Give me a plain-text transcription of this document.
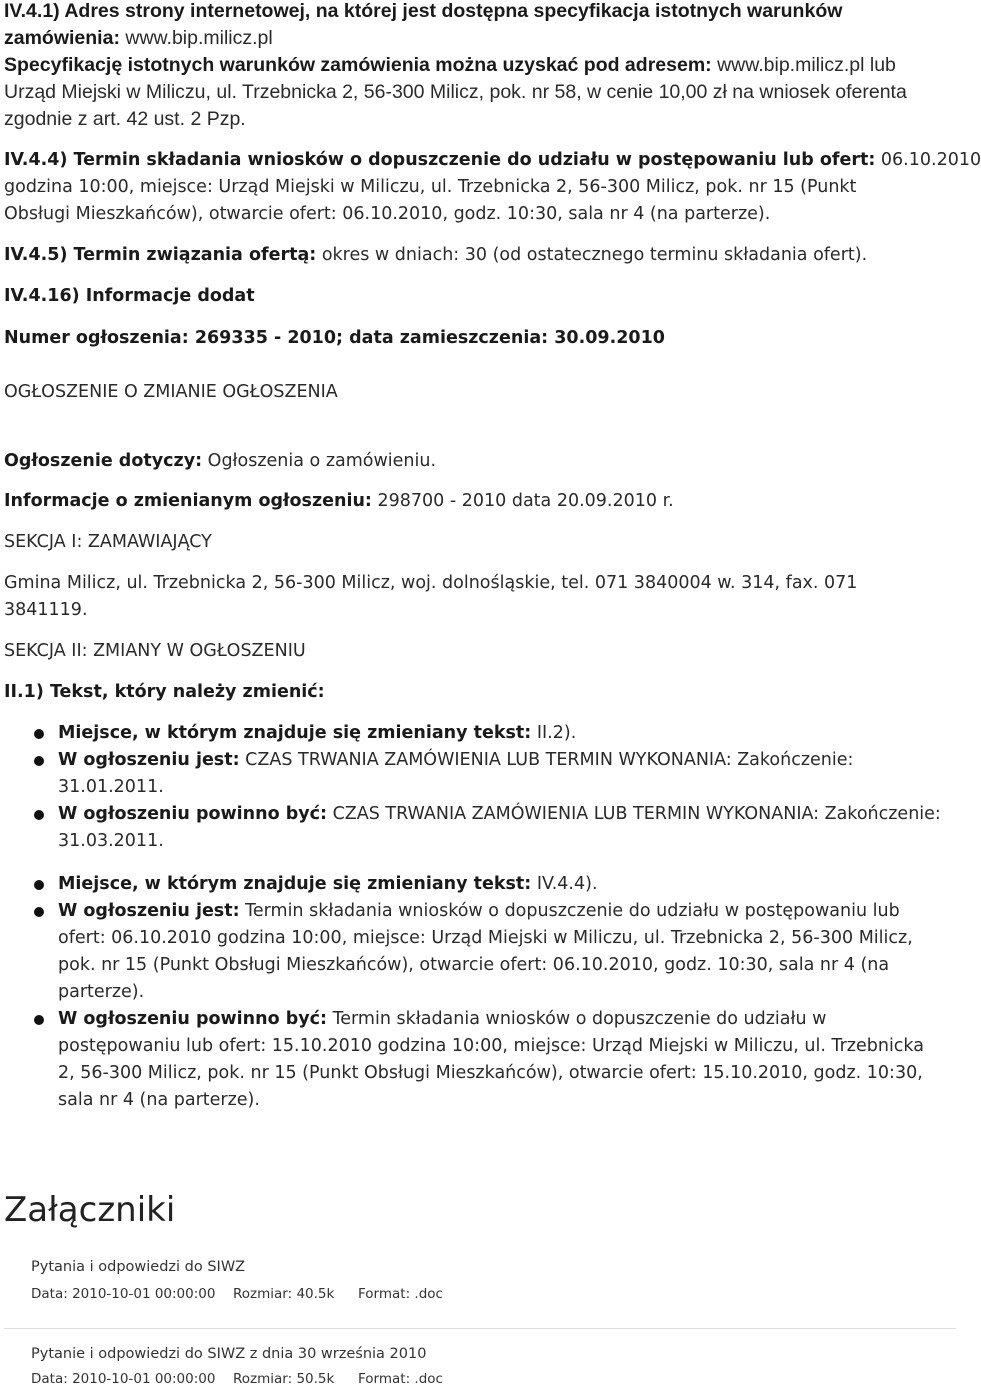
IV.4.1) Adres strony internetowej, na której jest dostępna specyfikacja istotnych warunków
zamówienia: www.bip.milicz.pl
Specyfikację istotnych warunków zamówienia można uzyskać pod adresem: www.bip.milicz.pl lub
Urząd Miejski w Miliczu, ul. Trzebnicka 2, 56-300 Milicz, pok. nr 58, w cenie 10,00 zł na wniosek oferenta
zgodnie z art. 42 ust. 2 Pzp.
IV.4.4) Termin składania wniosków o dopuszczenie do udziału w postępowaniu lub ofert: 06.10.2010
godzina 10:00, miejsce: Urząd Miejski w Miliczu, ul. Trzebnicka 2, 56-300 Milicz, pok. nr 15 (Punkt
Obsługi Mieszkańców), otwarcie ofert: 06.10.2010, godz. 10:30, sala nr 4 (na parterze).
IV.4.5) Termin związania ofertą: okres w dniach: 30 (od ostatecznego terminu składania ofert).
IV.4.16) Informacje dodat
Numer ogłoszenia: 269335 - 2010; data zamieszczenia: 30.09.2010
OGŁOSZENIE O ZMIANIE OGŁOSZENIA
Ogłoszenie dotyczy: Ogłoszenia o zamówieniu.
Informacje o zmienianym ogłoszeniu: 298700 - 2010 data 20.09.2010 r.
SEKCJA I: ZAMAWIAJĄCY
Gmina Milicz, ul. Trzebnicka 2, 56-300 Milicz, woj. dolnośląskie, tel. 071 3840004 w. 314, fax. 071
3841119.
SEKCJA II: ZMIANY W OGŁOSZENIU
II.1) Tekst, który należy zmienić:
Miejsce, w którym znajduje się zmieniany tekst: II.2).
W ogłoszeniu jest: CZAS TRWANIA ZAMÓWIENIA LUB TERMIN WYKONANIA: Zakończenie:
31.01.2011.
W ogłoszeniu powinno być: CZAS TRWANIA ZAMÓWIENIA LUB TERMIN WYKONANIA: Zakończenie:
31.03.2011.
Miejsce, w którym znajduje się zmieniany tekst: IV.4.4).
W ogłoszeniu jest: Termin składania wniosków o dopuszczenie do udziału w postępowaniu lub
ofert: 06.10.2010 godzina 10:00, miejsce: Urząd Miejski w Miliczu, ul. Trzebnicka 2, 56-300 Milicz,
pok. nr 15 (Punkt Obsługi Mieszkańców), otwarcie ofert: 06.10.2010, godz. 10:30, sala nr 4 (na
parterze).
W ogłoszeniu powinno być: Termin składania wniosków o dopuszczenie do udziału w
postępowaniu lub ofert: 15.10.2010 godzina 10:00, miejsce: Urząd Miejski w Miliczu, ul. Trzebnicka
2, 56-300 Milicz, pok. nr 15 (Punkt Obsługi Mieszkańców), otwarcie ofert: 15.10.2010, godz. 10:30,
sala nr 4 (na parterze).
Załączniki
Pytania i odpowiedzi do SIWZ
Data: 2010-10-01 00:00:00 Rozmiar: 40.5k Format: .doc
Pytanie i odpowiedzi do SIWZ z dnia 30 września 2010
Data: 2010-10-01 00:00:00 Rozmiar: 50.5k Format: .doc
